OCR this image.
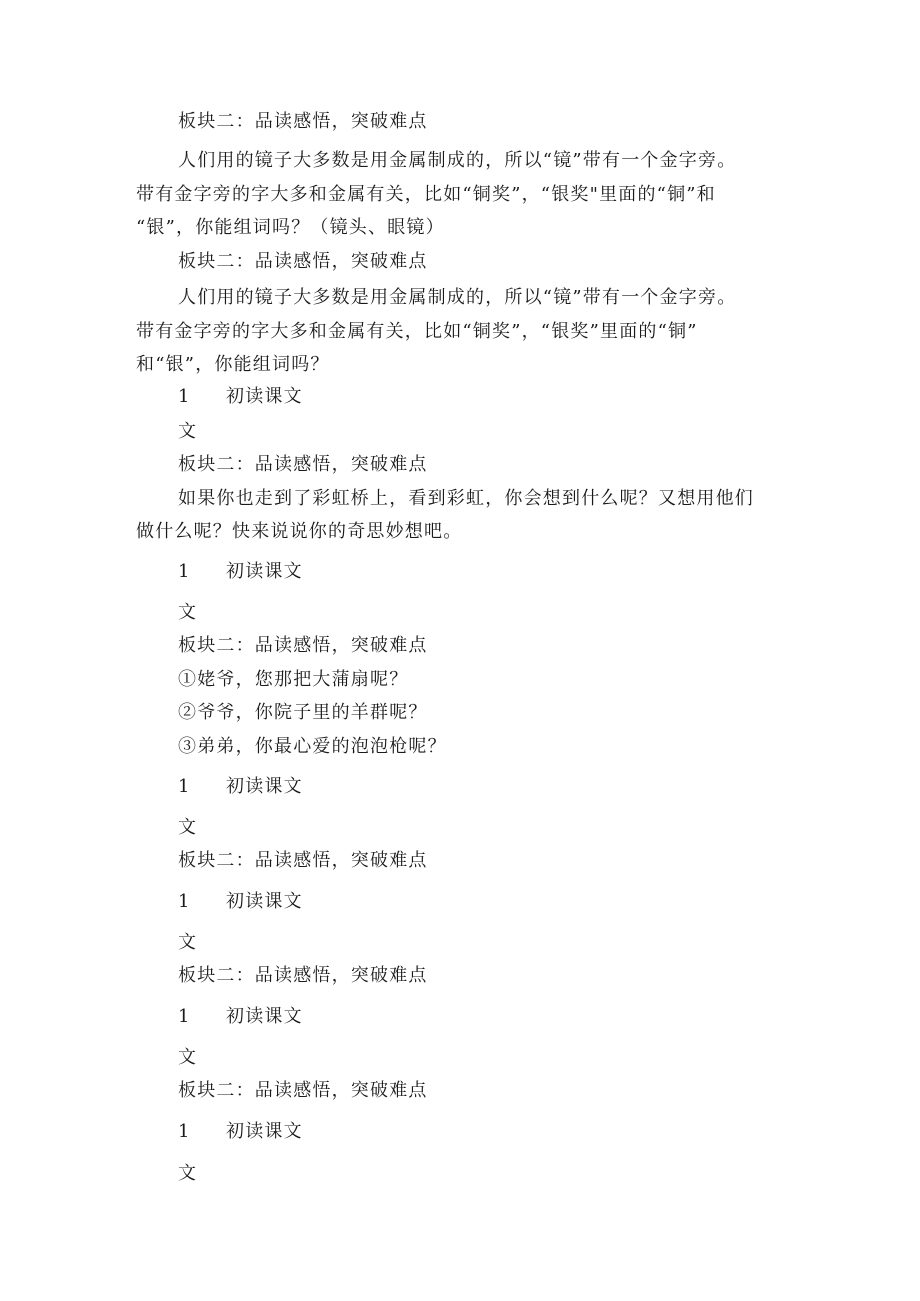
板块二：品读感悟，突破难点
人们用的镜子大多数是用金属制成的，所以“镜”带有一个金字旁。
带有金字旁的字大多和金属有关，比如“铜奖”，“银奖"里面的“铜”和
“银”，你能组词吗？（镜头、眼镜）
板块二：品读感悟，突破难点
人们用的镜子大多数是用金属制成的，所以“镜”带有一个金字旁。
带有金字旁的字大多和金属有关，比如“铜奖”，“银奖”里面的“铜”
和“银”，你能组词吗？
1 初读课文
文
板块二：品读感悟，突破难点
如果你也走到了彩虹桥上，看到彩虹，你会想到什么呢？又想用他们
做什么呢？快来说说你的奇思妙想吧。
1 初读课文
文
板块二：品读感悟，突破难点
①姥爷，您那把大蒲扇呢？
②爷爷，你院子里的羊群呢？
③弟弟，你最心爱的泡泡枪呢？
1 初读课文
文
板块二：品读感悟，突破难点
1 初读课文
文
板块二：品读感悟，突破难点
1 初读课文
文
板块二：品读感悟，突破难点
1 初读课文
文
